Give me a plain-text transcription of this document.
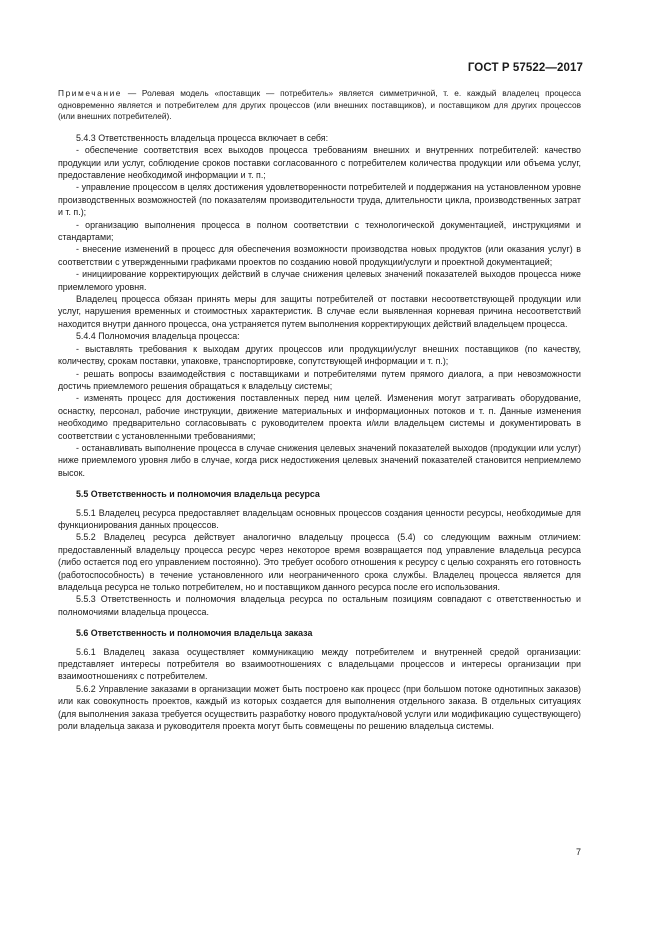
ГОСТ Р 57522—2017
Примечание — Ролевая модель «поставщик — потребитель» является симметричной, т. е. каждый владелец процесса одновременно является и потребителем для других процессов (или внешних поставщиков), и поставщиком для других процессов (или внешних потребителей).

5.4.3 Ответственность владельца процесса включает в себя:

- обеспечение соответствия всех выходов процесса требованиям внешних и внутренних потребителей: качество продукции или услуг, соблюдение сроков поставки согласованного с потребителем количества продукции или объема услуг, предоставление необходимой информации и т. п.;

- управление процессом в целях достижения удовлетворенности потребителей и поддержания на установленном уровне производственных возможностей (по показателям производительности труда, длительности цикла, производственных затрат и т. п.);

- организацию выполнения процесса в полном соответствии с технологической документацией, инструкциями и стандартами;

- внесение изменений в процесс для обеспечения возможности производства новых продуктов (или оказания услуг) в соответствии с утвержденными графиками проектов по созданию новой продукции/услуги и проектной документацией;

- инициирование корректирующих действий в случае снижения целевых значений показателей выходов процесса ниже приемлемого уровня.

Владелец процесса обязан принять меры для защиты потребителей от поставки несоответствующей продукции или услуг, нарушения временных и стоимостных характеристик. В случае если выявленная корневая причина несоответствий находится внутри данного процесса, она устраняется путем выполнения корректирующих действий владельцем процесса.

5.4.4 Полномочия владельца процесса:

- выставлять требования к выходам других процессов или продукции/услуг внешних поставщиков (по качеству, количеству, срокам поставки, упаковке, транспортировке, сопутствующей информации и т. п.);

- решать вопросы взаимодействия с поставщиками и потребителями путем прямого диалога, а при невозможности достичь приемлемого решения обращаться к владельцу системы;

- изменять процесс для достижения поставленных перед ним целей. Изменения могут затрагивать оборудование, оснастку, персонал, рабочие инструкции, движение материальных и информационных потоков и т. п. Данные изменения необходимо предварительно согласовывать с руководителем проекта и/или владельцем системы и документировать в соответствии с установленными требованиями;

- останавливать выполнение процесса в случае снижения целевых значений показателей выходов (продукции или услуг) ниже приемлемого уровня либо в случае, когда риск недостижения целевых значений показателей становится неприемлемо высок.

5.5 Ответственность и полномочия владельца ресурса

5.5.1 Владелец ресурса предоставляет владельцам основных процессов создания ценности ресурсы, необходимые для функционирования данных процессов.

5.5.2 Владелец ресурса действует аналогично владельцу процесса (5.4) со следующим важным отличием: предоставленный владельцу процесса ресурс через некоторое время возвращается под управление владельца ресурса (либо остается под его управлением постоянно). Это требует особого отношения к ресурсу с целью сохранять его готовность (работоспособность) в течение установленного или неограниченного срока службы. Владелец процесса является для владельца ресурса не только потребителем, но и поставщиком данного ресурса после его использования.

5.5.3 Ответственность и полномочия владельца ресурса по остальным позициям совпадают с ответственностью и полномочиями владельца процесса.

5.6 Ответственность и полномочия владельца заказа

5.6.1 Владелец заказа осуществляет коммуникацию между потребителем и внутренней средой организации: представляет интересы потребителя во взаимоотношениях с владельцами процессов и интересы организации при взаимоотношениях с потребителем.

5.6.2 Управление заказами в организации может быть построено как процесс (при большом потоке однотипных заказов) или как совокупность проектов, каждый из которых создается для выполнения отдельного заказа. В отдельных ситуациях (для выполнения заказа требуется осуществить разработку нового продукта/новой услуги или модификацию существующего) роли владельца заказа и руководителя проекта могут быть совмещены по решению владельца системы.

7
